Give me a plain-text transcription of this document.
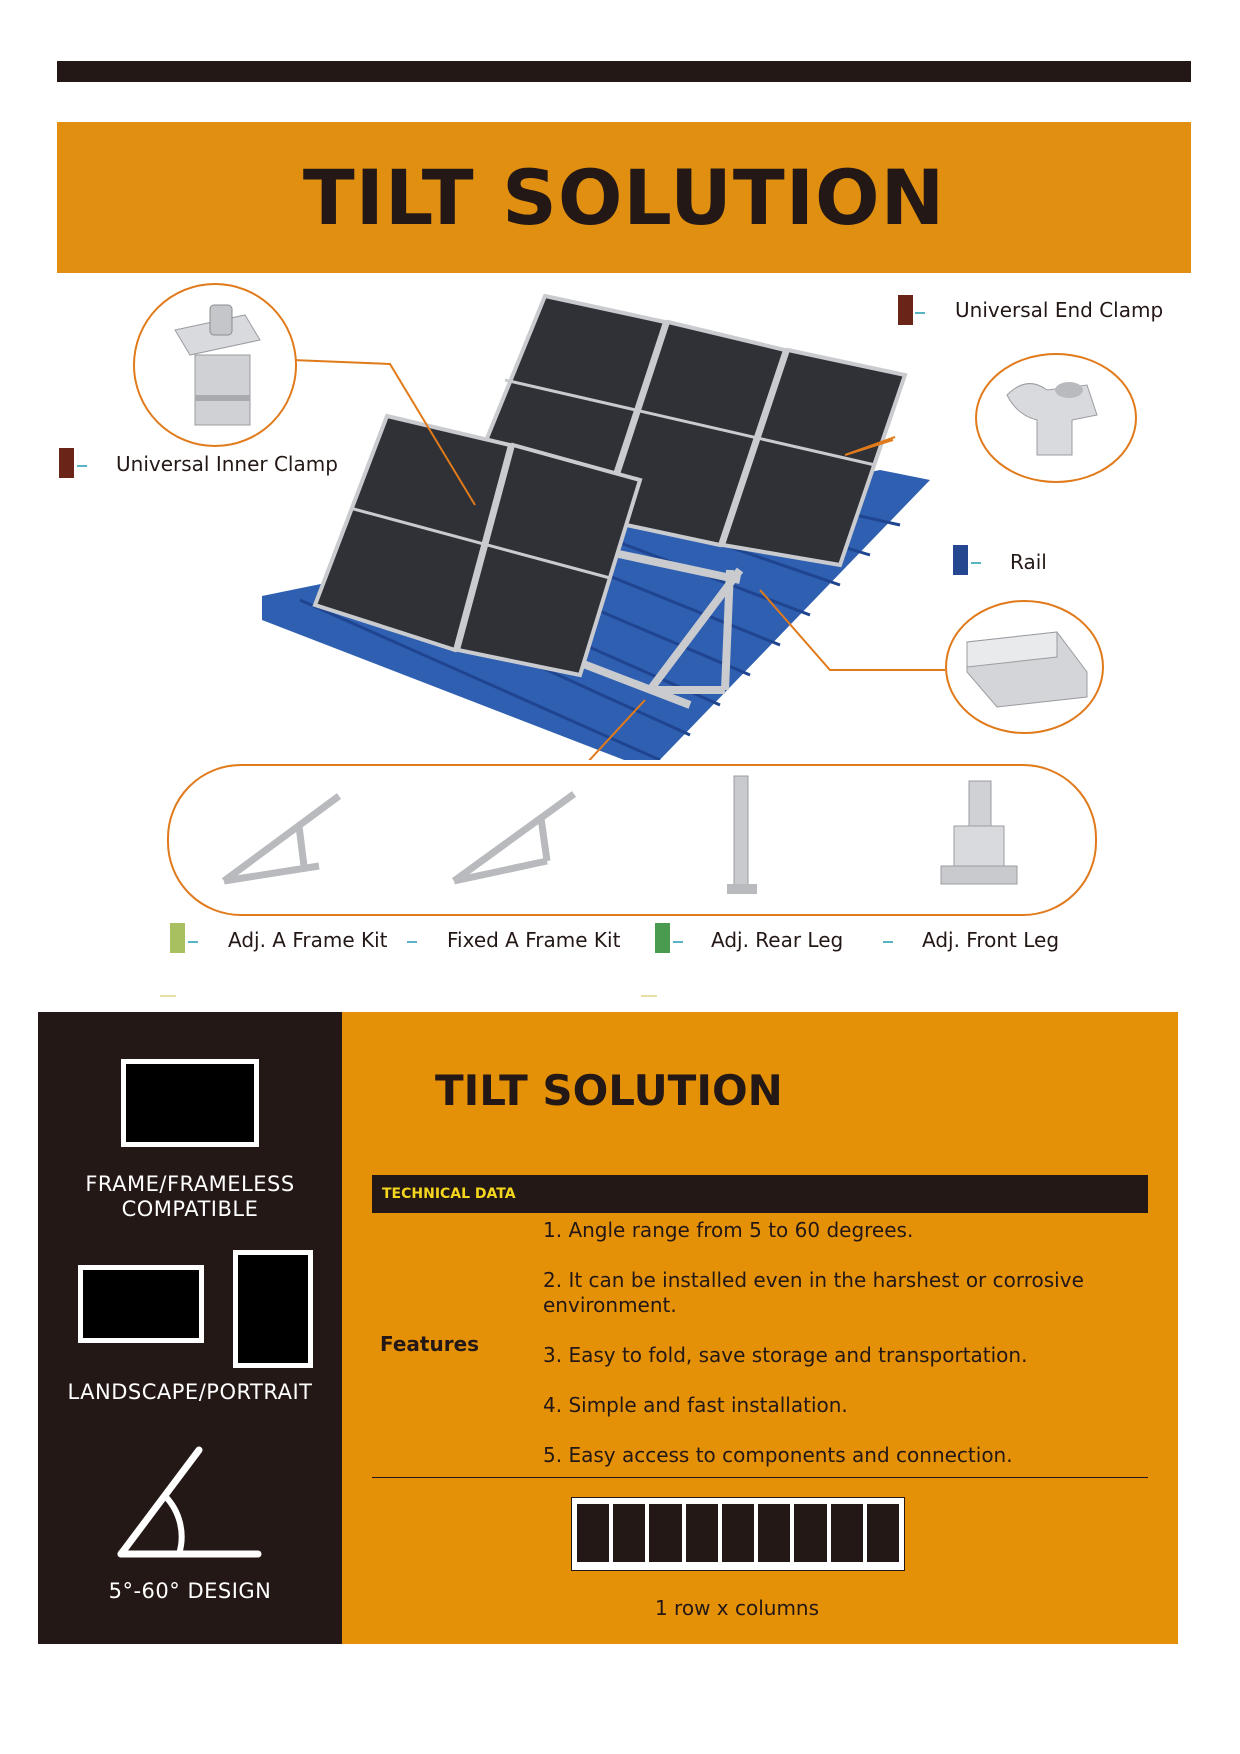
TILT SOLUTION
Universal End Clamp
Universal Inner Clamp
Rail
Adj. A Frame Kit	Fixed A Frame Kit	Adj. Rear Leg	Adj. Front Leg
FRAME/FRAMELESS
COMPATIBLE
LANDSCAPE/PORTRAIT
5°-60° DESIGN
TILT SOLUTION
TECHNICAL DATA
Features
1. Angle range from 5 to 60 degrees.
2. It can be installed even in the harshest or corrosive environment.
3. Easy to fold, save storage and transportation.
4. Simple and fast installation.
5. Easy access to components and connection.
1 row x columns
